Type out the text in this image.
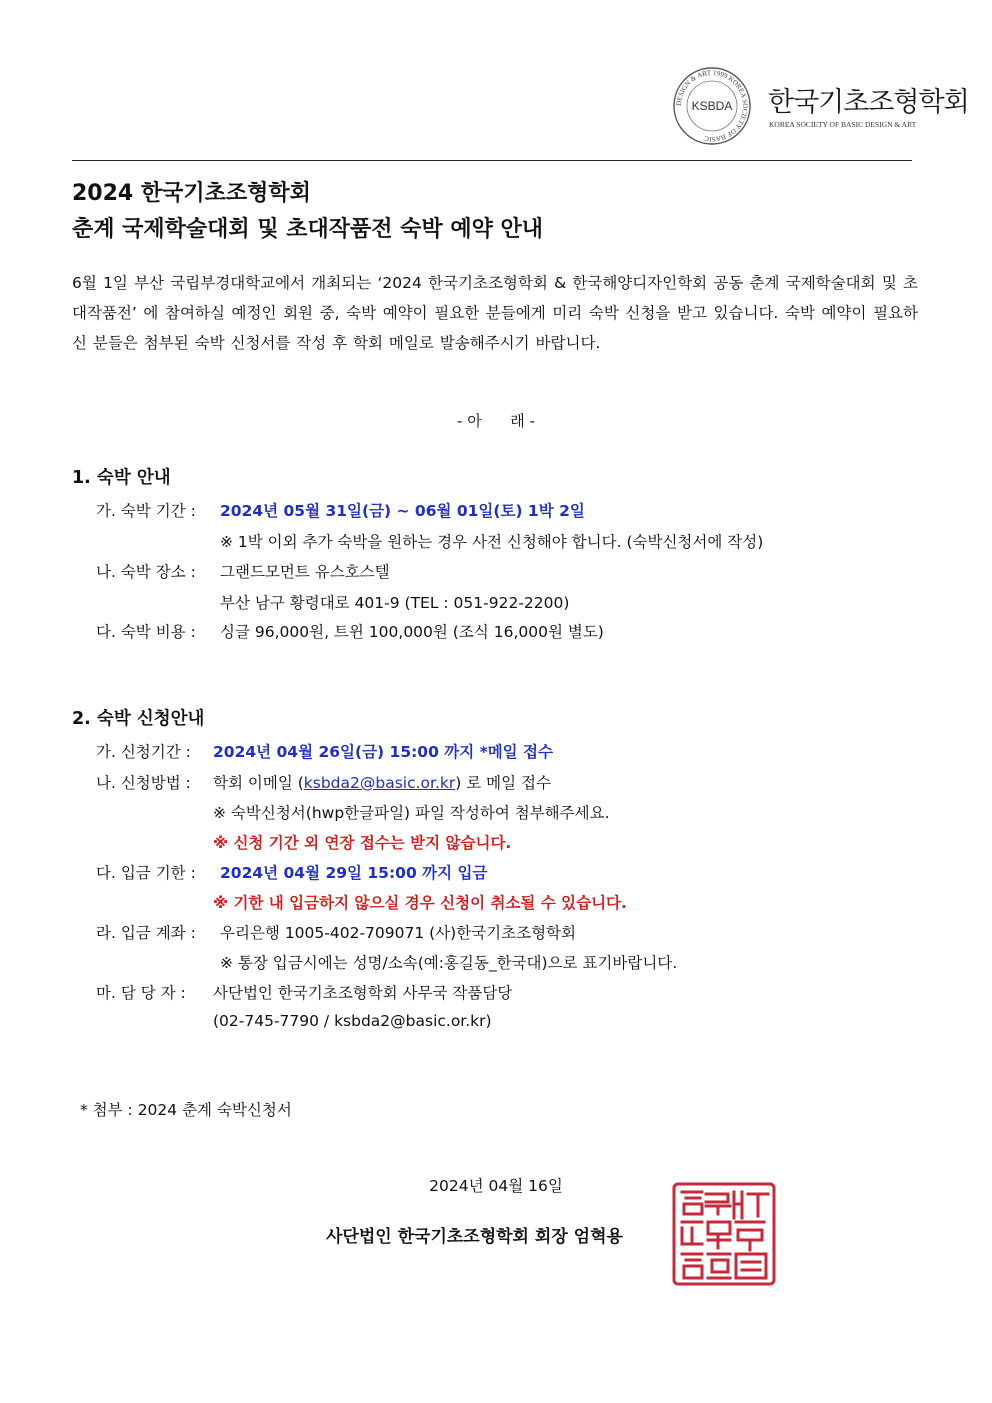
DESIGN & ART 1999 KOREA SOCIETY OF BASIC
KSBDA 한국기초조형학회
KOREA SOCIETY OF BASIC DESIGN & ART
2024 한국기초조형학회
춘계 국제학술대회 및 초대작품전 숙박 예약 안내
6월 1일 부산 국립부경대학교에서 개최되는 ‘2024 한국기초조형학회 & 한국해양디자인학회 공동 춘계 국제학술대회 및 초대작품전’ 에 참여하실 예정인 회원 중, 숙박 예약이 필요한 분들에게 미리 숙박 신청을 받고 있습니다. 숙박 예약이 필요하신 분들은 첨부된 숙박 신청서를 작성 후 학회 메일로 발송해주시기 바랍니다.
- 아      래 -
1. 숙박 안내
가. 숙박 기간 : 2024년 05월 31일(금) ~ 06월 01일(토) 1박 2일
※ 1박 이외 추가 숙박을 원하는 경우 사전 신청해야 합니다. (숙박신청서에 작성)
나. 숙박 장소 : 그랜드모먼트 유스호스텔
부산 남구 황령대로 401-9 (TEL : 051-922-2200)
다. 숙박 비용 : 싱글 96,000원, 트윈 100,000원 (조식 16,000원 별도)
2. 숙박 신청안내
가. 신청기간 : 2024년 04월 26일(금) 15:00 까지 *메일 접수
나. 신청방법 : 학회 이메일 (ksbda2@basic.or.kr) 로 메일 접수
※ 숙박신청서(hwp한글파일) 파일 작성하여 첨부해주세요.
※ 신청 기간 외 연장 접수는 받지 않습니다.
다. 입금 기한 : 2024년 04월 29일 15:00 까지 입금
※ 기한 내 입금하지 않으실 경우 신청이 취소될 수 있습니다.
라. 입금 계좌 : 우리은행 1005-402-709071 (사)한국기초조형학회
※ 통장 입금시에는 성명/소속(예:홍길동_한국대)으로 표기바랍니다.
마. 담 당 자 : 사단법인 한국기초조형학회 사무국 작품담당
(02-745-7790 / ksbda2@basic.or.kr)
* 첨부 : 2024 춘계 숙박신청서
2024년 04월 16일
사단법인 한국기초조형학회 회장 엄혁용
